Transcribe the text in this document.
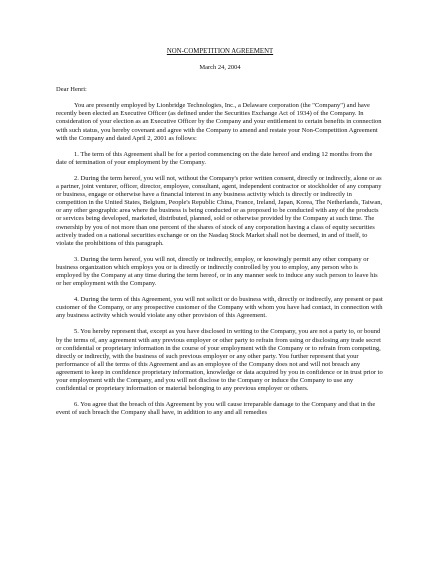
NON-COMPETITION AGREEMENT
March 24, 2004
Dear Henri:

You are presently employed by Lionbridge Technologies, Inc., a Delaware corporation (the "Company") and have recently been elected an Executive Officer (as defined under the Securities Exchange Act of 1934) of the Company. In consideration of your election as an Executive Officer by the Company and your entitlement to certain benefits in connection with such status, you hereby covenant and agree with the Company to amend and restate your Non-Competition Agreement with the Company and dated April 2, 2001 as follows:

1. The term of this Agreement shall be for a period commencing on the date hereof and ending 12 months from the date of termination of your employment by the Company.

2. During the term hereof, you will not, without the Company's prior written consent, directly or indirectly, alone or as a partner, joint venturer, officer, director, employee, consultant, agent, independent contractor or stockholder of any company or business, engage or otherwise have a financial interest in any business activity which is directly or indirectly in competition in the United States, Belgium, People's Republic China, France, Ireland, Japan, Korea, The Netherlands, Taiwan, or any other geographic area where the business is being conducted or as proposed to be conducted with any of the products or services being developed, marketed, distributed, planned, sold or otherwise provided by the Company at such time. The ownership by you of not more than one percent of the shares of stock of any corporation having a class of equity securities actively traded on a national securities exchange or on the Nasdaq Stock Market shall not be deemed, in and of itself, to violate the prohibitions of this paragraph.

3. During the term hereof, you will not, directly or indirectly, employ, or knowingly permit any other company or business organization which employs you or is directly or indirectly controlled by you to employ, any person who is employed by the Company at any time during the term hereof, or in any manner seek to induce any such person to leave his or her employment with the Company.

4. During the term of this Agreement, you will not solicit or do business with, directly or indirectly, any present or past customer of the Company, or any prospective customer of the Company with whom you have had contact, in connection with any business activity which would violate any other provision of this Agreement.

5. You hereby represent that, except as you have disclosed in writing to the Company, you are not a party to, or bound by the terms of, any agreement with any previous employer or other party to refrain from using or disclosing any trade secret or confidential or proprietary information in the course of your employment with the Company or to refrain from competing, directly or indirectly, with the business of such previous employer or any other party. You further represent that your performance of all the terms of this Agreement and as an employee of the Company does not and will not breach any agreement to keep in confidence proprietary information, knowledge or data acquired by you in confidence or in trust prior to your employment with the Company, and you will not disclose to the Company or induce the Company to use any confidential or proprietary information or material belonging to any previous employer or others.

6. You agree that the breach of this Agreement by you will cause irreparable damage to the Company and that in the event of such breach the Company shall have, in addition to any and all remedies
